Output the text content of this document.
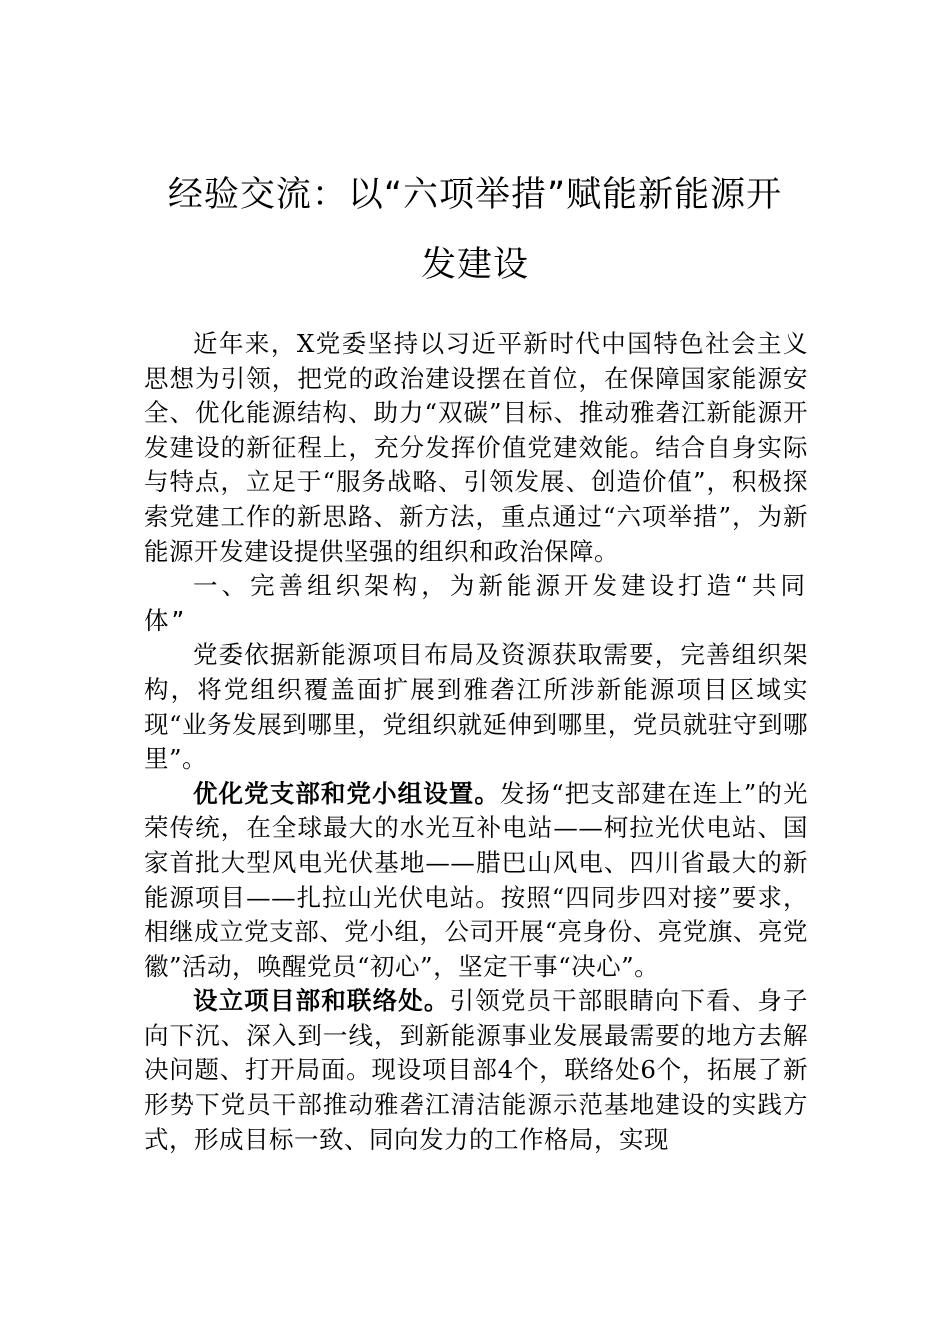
经验交流：以“六项举措”赋能新能源开
发建设

近年来，X党委坚持以习近平新时代中国特色社会主义思想为引领，把党的政治建设摆在首位，在保障国家能源安全、优化能源结构、助力“双碳”目标、推动雅砻江新能源开发建设的新征程上，充分发挥价值党建效能。结合自身实际与特点，立足于“服务战略、引领发展、创造价值”，积极探索党建工作的新思路、新方法，重点通过“六项举措”，为新能源开发建设提供坚强的组织和政治保障。

一、完善组织架构，为新能源开发建设打造“共同体”

党委依据新能源项目布局及资源获取需要，完善组织架构，将党组织覆盖面扩展到雅砻江所涉新能源项目区域实现“业务发展到哪里，党组织就延伸到哪里，党员就驻守到哪里”。

优化党支部和党小组设置。发扬“把支部建在连上”的光荣传统，在全球最大的水光互补电站——柯拉光伏电站、国家首批大型风电光伏基地——腊巴山风电、四川省最大的新能源项目——扎拉山光伏电站。按照“四同步四对接”要求，相继成立党支部、党小组，公司开展“亮身份、亮党旗、亮党徽”活动，唤醒党员“初心”，坚定干事“决心”。

设立项目部和联络处。引领党员干部眼睛向下看、身子向下沉、深入到一线，到新能源事业发展最需要的地方去解决问题、打开局面。现设项目部4个，联络处6个，拓展了新形势下党员干部推动雅砻江清洁能源示范基地建设的实践方式，形成目标一致、同向发力的工作格局，实现
